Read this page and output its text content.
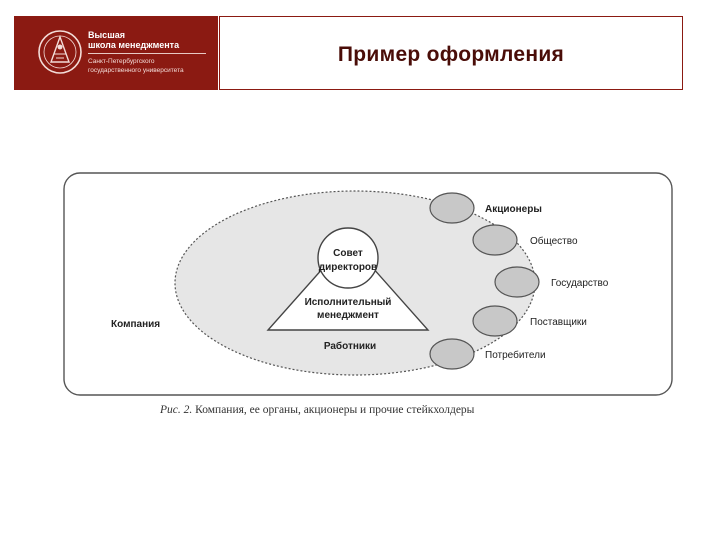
Высшая
школа менеджмента
Санкт-Петербургского
государственного университета
Пример оформления
Совет
директоров
Исполнительный
менеджмент
Работники
Компания
Акционеры
Общество
Государство
Поставщики
Потребители
Рис. 2. Компания, ее органы, акционеры и прочие стейкхолдеры
